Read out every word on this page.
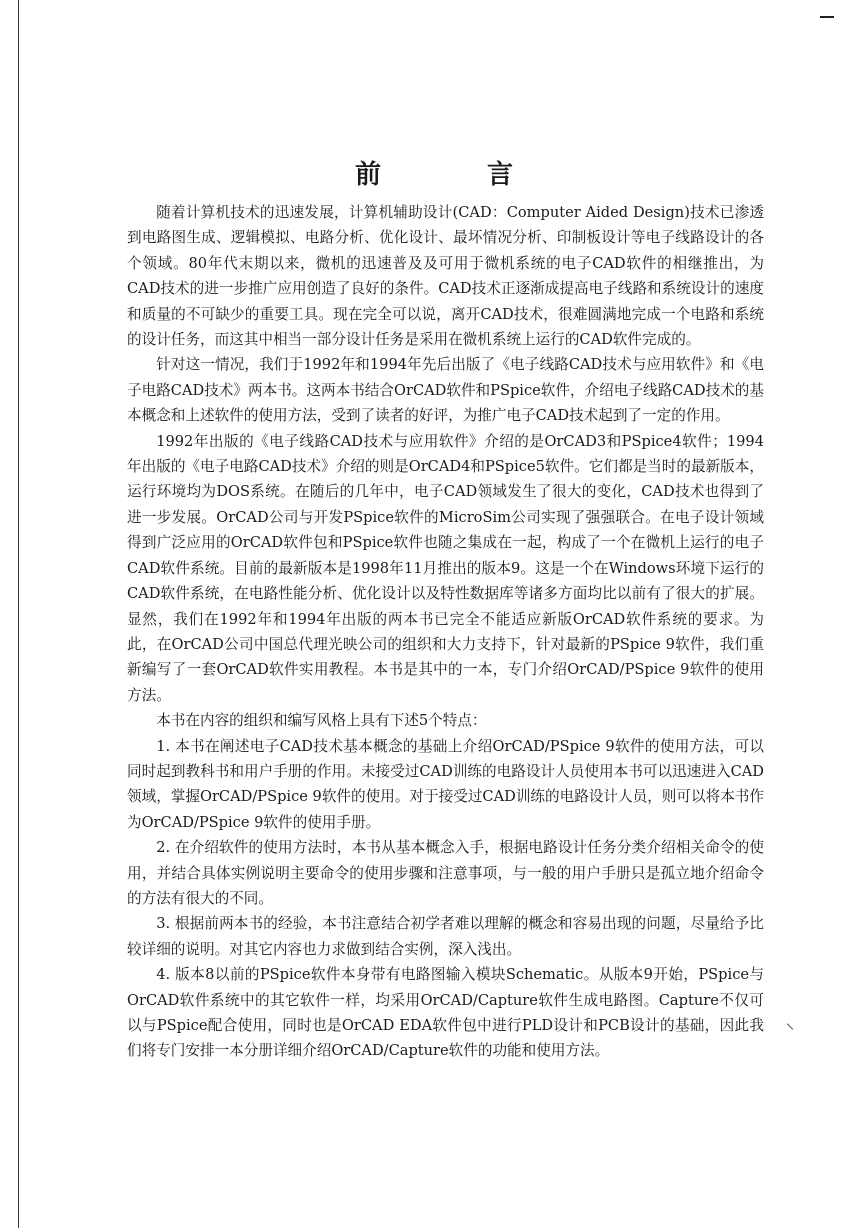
前　言

随着计算机技术的迅速发展，计算机辅助设计(CAD：Computer Aided Design)技术已渗透到电路图生成、逻辑模拟、电路分析、优化设计、最坏情况分析、印制板设计等电子线路设计的各个领域。80年代末期以来，微机的迅速普及及可用于微机系统的电子CAD软件的相继推出，为CAD技术的进一步推广应用创造了良好的条件。CAD技术正逐渐成提高电子线路和系统设计的速度和质量的不可缺少的重要工具。现在完全可以说，离开CAD技术，很难圆满地完成一个电路和系统的设计任务，而这其中相当一部分设计任务是采用在微机系统上运行的CAD软件完成的。

针对这一情况，我们于1992年和1994年先后出版了《电子线路CAD技术与应用软件》和《电子电路CAD技术》两本书。这两本书结合OrCAD软件和PSpice软件，介绍电子线路CAD技术的基本概念和上述软件的使用方法，受到了读者的好评，为推广电子CAD技术起到了一定的作用。

1992年出版的《电子线路CAD技术与应用软件》介绍的是OrCAD3和PSpice4软件；1994年出版的《电子电路CAD技术》介绍的则是OrCAD4和PSpice5软件。它们都是当时的最新版本，运行环境均为DOS系统。在随后的几年中，电子CAD领域发生了很大的变化，CAD技术也得到了进一步发展。OrCAD公司与开发PSpice软件的MicroSim公司实现了强强联合。在电子设计领域得到广泛应用的OrCAD软件包和PSpice软件也随之集成在一起，构成了一个在微机上运行的电子CAD软件系统。目前的最新版本是1998年11月推出的版本9。这是一个在Windows环境下运行的CAD软件系统，在电路性能分析、优化设计以及特性数据库等诸多方面均比以前有了很大的扩展。显然，我们在1992年和1994年出版的两本书已完全不能适应新版OrCAD软件系统的要求。为此，在OrCAD公司中国总代理光映公司的组织和大力支持下，针对最新的PSpice 9软件，我们重新编写了一套OrCAD软件实用教程。本书是其中的一本，专门介绍OrCAD/PSpice 9软件的使用方法。

本书在内容的组织和编写风格上具有下述5个特点：

1. 本书在阐述电子CAD技术基本概念的基础上介绍OrCAD/PSpice 9软件的使用方法，可以同时起到教科书和用户手册的作用。未接受过CAD训练的电路设计人员使用本书可以迅速进入CAD领域，掌握OrCAD/PSpice 9软件的使用。对于接受过CAD训练的电路设计人员，则可以将本书作为OrCAD/PSpice 9软件的使用手册。

2. 在介绍软件的使用方法时，本书从基本概念入手，根据电路设计任务分类介绍相关命令的使用，并结合具体实例说明主要命令的使用步骤和注意事项，与一般的用户手册只是孤立地介绍命令的方法有很大的不同。

3. 根据前两本书的经验，本书注意结合初学者难以理解的概念和容易出现的问题，尽量给予比较详细的说明。对其它内容也力求做到结合实例，深入浅出。

4. 版本8以前的PSpice软件本身带有电路图输入模块Schematic。从版本9开始，PSpice与OrCAD软件系统中的其它软件一样，均采用OrCAD/Capture软件生成电路图。Capture不仅可以与PSpice配合使用，同时也是OrCAD EDA软件包中进行PLD设计和PCB设计的基础，因此我们将专门安排一本分册详细介绍OrCAD/Capture软件的功能和使用方法。
